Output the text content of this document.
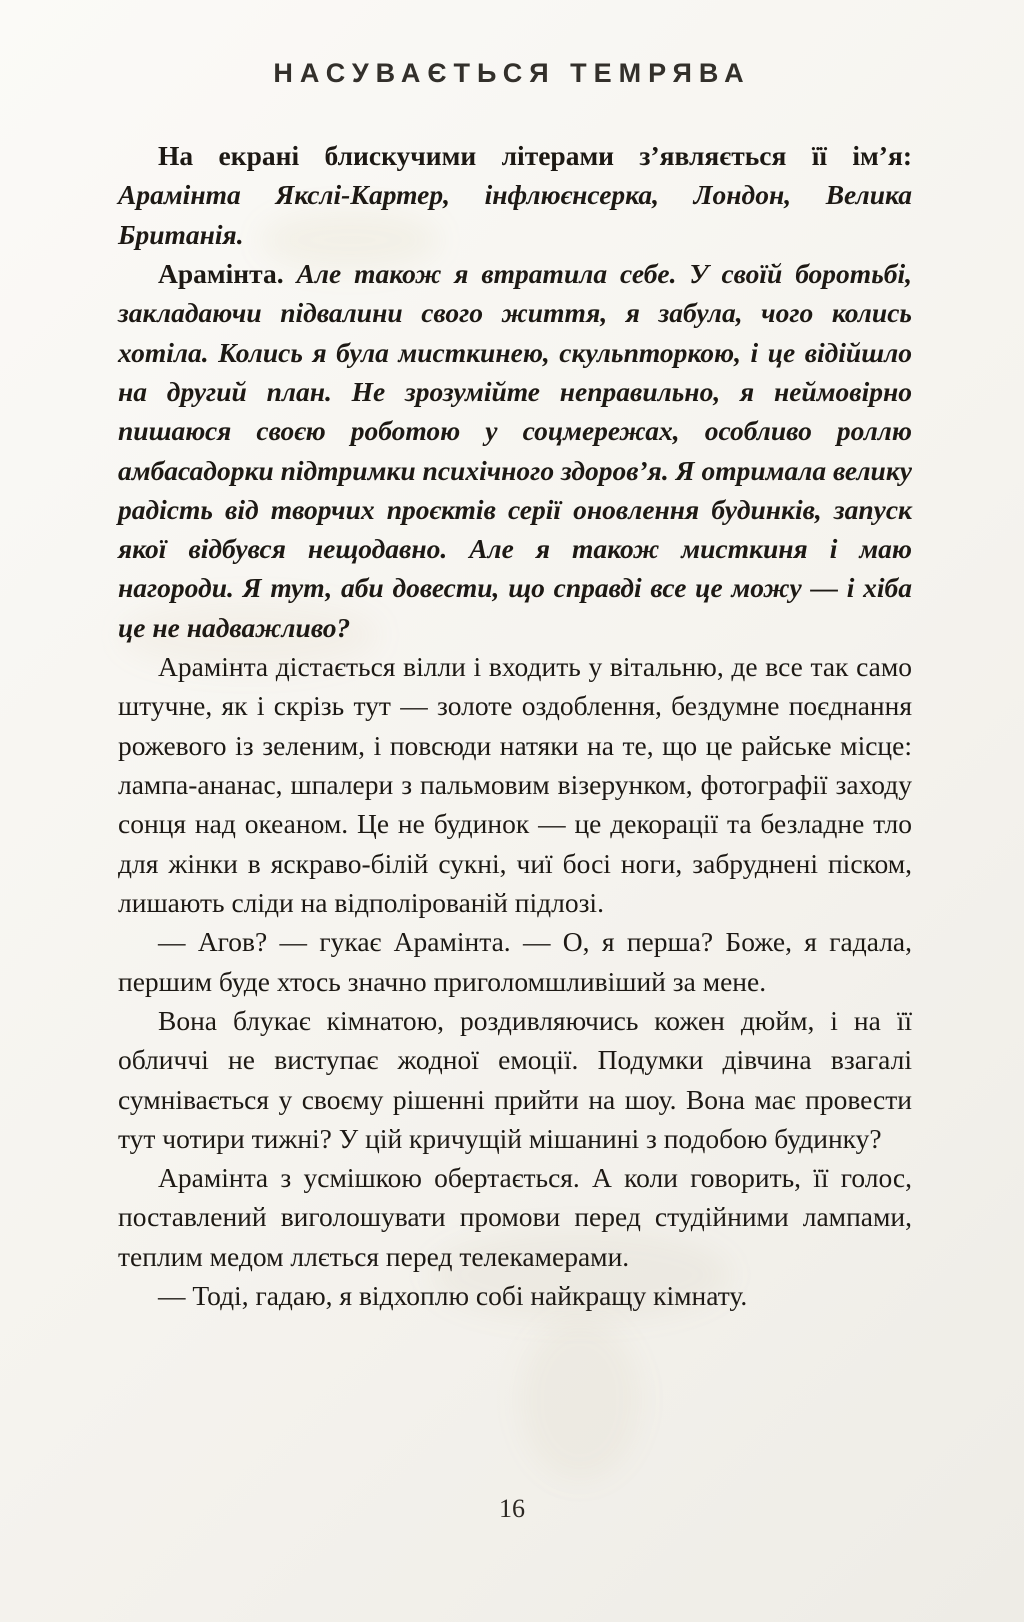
НАСУВАЄТЬСЯ ТЕМРЯВА

На екрані блискучими літерами з’являється її ім’я: Арамінта Якслі-Картер, інфлюєнсерка, Лондон, Велика Британія.

Арамінта. Але також я втратила себе. У своїй боротьбі, закладаючи підвалини свого життя, я забула, чого колись хотіла. Колись я була мисткинею, скульпторкою, і це відійшло на другий план. Не зрозумійте неправильно, я неймовірно пишаюся своєю роботою у соцмережах, особливо роллю амбасадорки підтримки психічного здоров’я. Я отримала велику радість від творчих проєктів серії оновлення будинків, запуск якої відбувся нещодавно. Але я також мисткиня і маю нагороди. Я тут, аби довести, що справді все це можу — і хіба це не надважливо?

Арамінта дістається вілли і входить у вітальню, де все так само штучне, як і скрізь тут — золоте оздоблення, бездумне поєднання рожевого із зеленим, і повсюди натяки на те, що це райське місце: лампа-ананас, шпалери з пальмовим візерунком, фотографії заходу сонця над океаном. Це не будинок — це декорації та безладне тло для жінки в яскраво-білій сукні, чиї босі ноги, забруднені піском, лишають сліди на відполірованій підлозі.

— Агов? — гукає Арамінта. — О, я перша? Боже, я гадала, першим буде хтось значно приголомшливіший за мене.

Вона блукає кімнатою, роздивляючись кожен дюйм, і на її обличчі не виступає жодної емоції. Подумки дівчина взагалі сумнівається у своєму рішенні прийти на шоу. Вона має провести тут чотири тижні? У цій кричущій мішанині з подобою будинку?

Арамінта з усмішкою обертається. А коли говорить, її голос, поставлений виголошувати промови перед студійними лампами, теплим медом ллється перед телекамерами.

— Тоді, гадаю, я відхоплю собі найкращу кімнату.

16
